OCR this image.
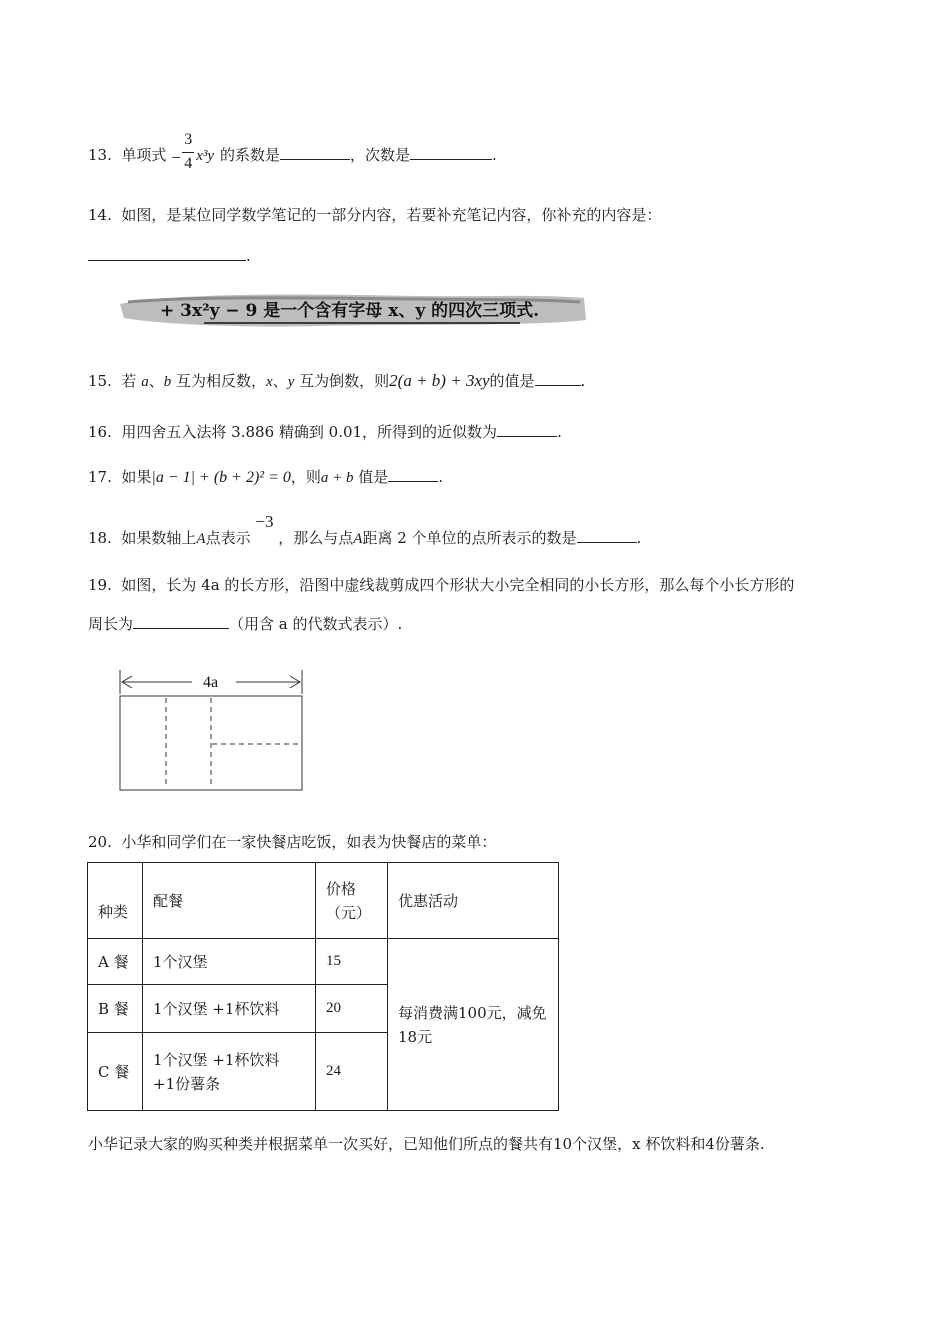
13. 单项式 −
3
4 x³y 的系数是	，次数是	.
14. 如图，是某位同学数学笔记的一部分内容，若要补充笔记内容，你补充的内容是：
.
+ 3x²y − 9 是一个含有字母 x、y 的四次三项式.
15. 若 a、b 互为相反数，x、y 互为倒数，则2(a + b) + 3xy的值是	.
16. 用四舍五入法将 3.886 精确到 0.01，所得到的近似数为	.
17. 如果|a − 1| + (b + 2)² = 0，则a + b 值是	.
18. 如果数轴上A点表示 −3 ，那么与点A距离 2 个单位的点所表示的数是	.
19. 如图，长为 4a 的长方形，沿图中虚线裁剪成四个形状大小完全相同的小长方形，那么每个小长方形的
周长为	（用含 a 的代数式表示）.
4a
20. 小华和同学们在一家快餐店吃饭，如表为快餐店的菜单：
种类	配餐	价格（元）	优惠活动
A 餐	1个汉堡	15	每消费满100元，减免18元
B 餐	1个汉堡 +1杯饮料	20	
C 餐	1个汉堡 +1杯饮料 +1份薯条	24	
小华记录大家的购买种类并根据菜单一次买好，已知他们所点的餐共有10个汉堡，x 杯饮料和4份薯条.
